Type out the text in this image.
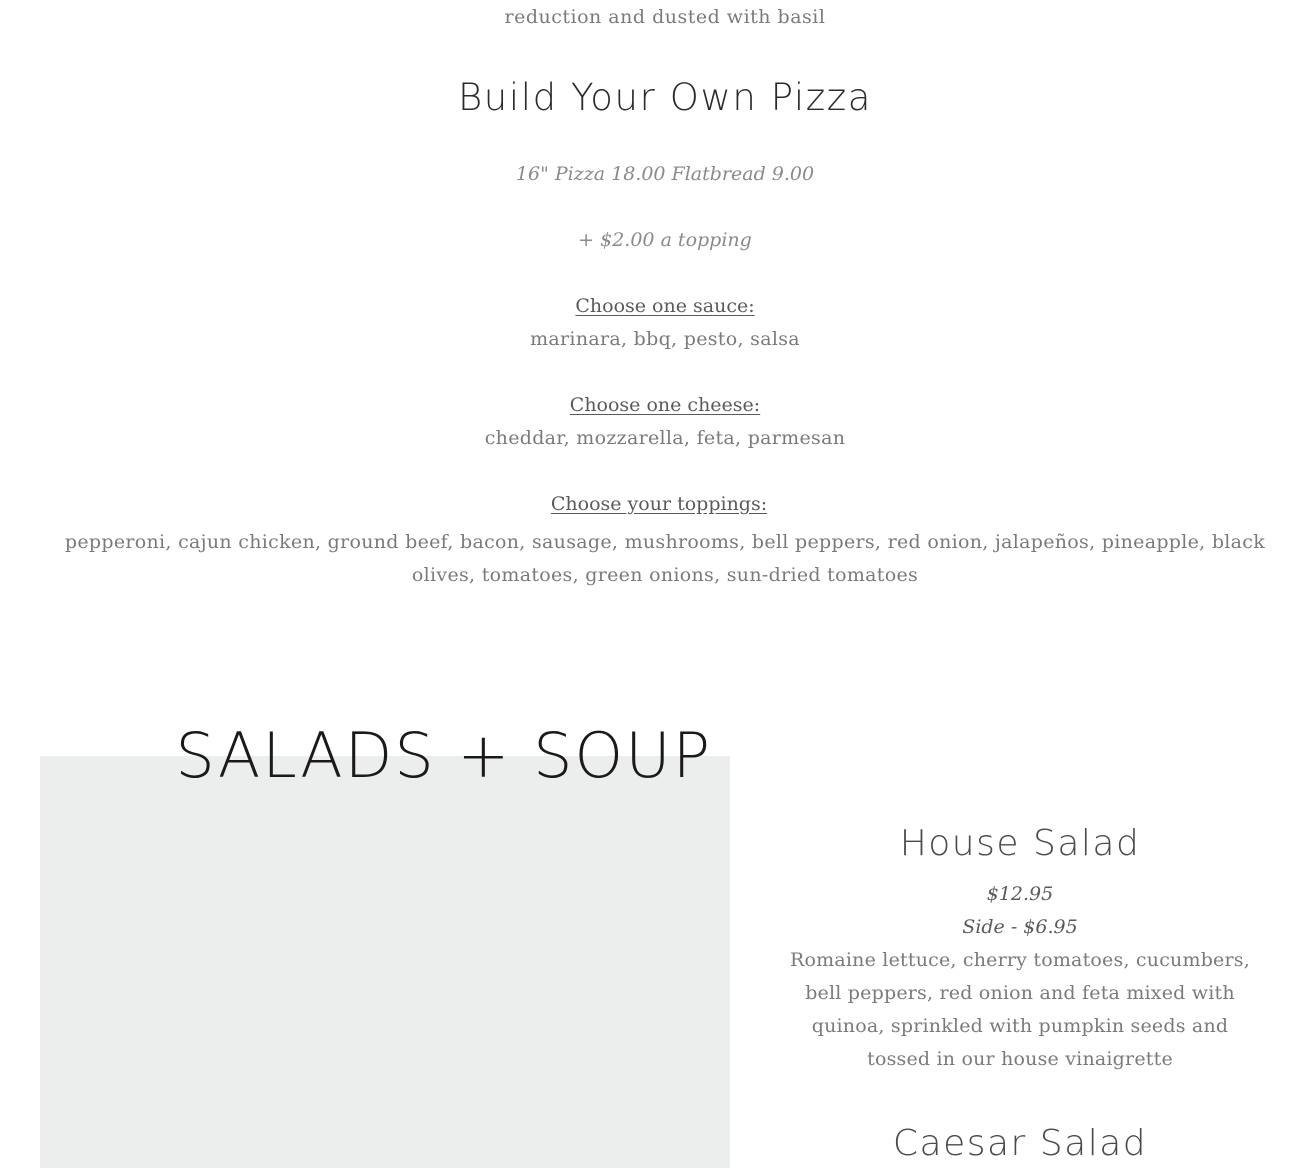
reduction and dusted with basil
Build Your Own Pizza
16" Pizza 18.00 Flatbread 9.00
+ $2.00 a topping
Choose one sauce:
marinara, bbq, pesto, salsa
Choose one cheese:
cheddar, mozzarella, feta, parmesan
Choose your toppings:
pepperoni, cajun chicken, ground beef, bacon, sausage, mushrooms, bell peppers, red onion, jalapeños, pineapple, black olives, tomatoes, green onions, sun-dried tomatoes
SALADS + SOUP
House Salad
$12.95
Side - $6.95
Romaine lettuce, cherry tomatoes, cucumbers, bell peppers, red onion and feta mixed with quinoa, sprinkled with pumpkin seeds and tossed in our house vinaigrette
Caesar Salad
